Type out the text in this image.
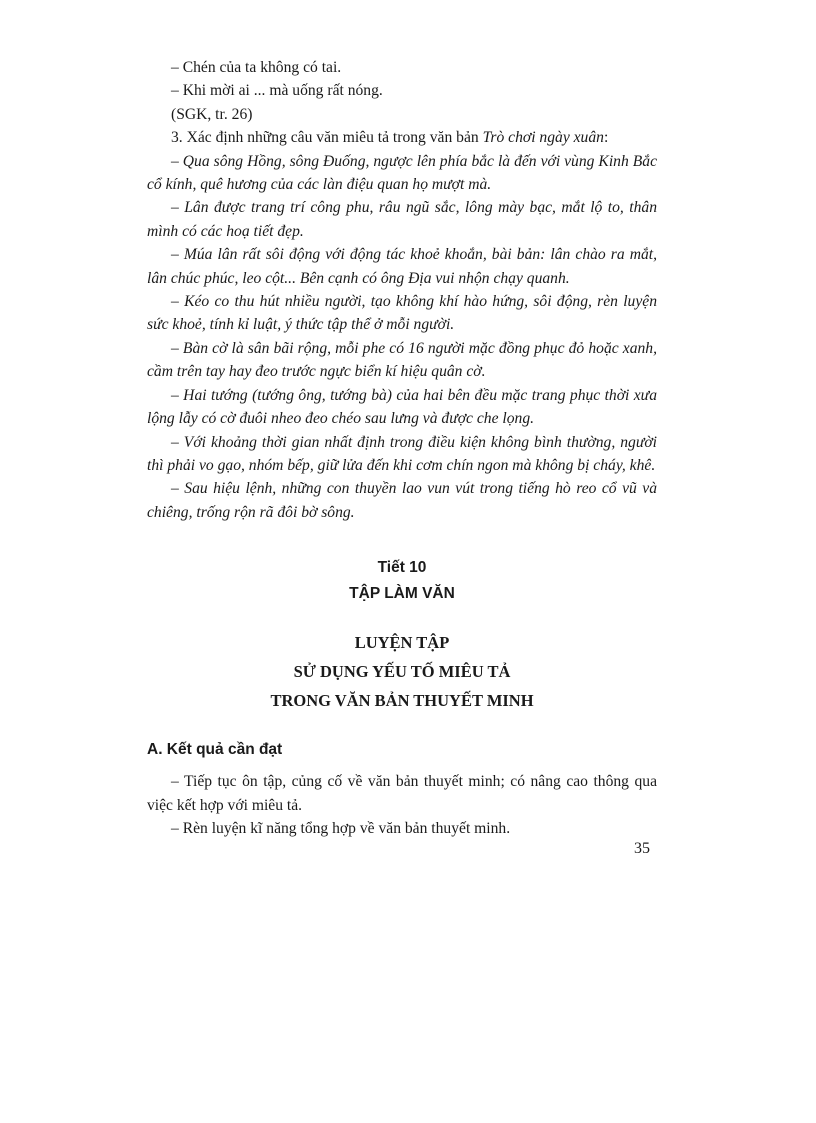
– Chén của ta không có tai.

– Khi mời ai ... mà uống rất nóng.

(SGK, tr. 26)

3. Xác định những câu văn miêu tả trong văn bản Trò chơi ngày xuân:

– Qua sông Hồng, sông Đuống, ngược lên phía bắc là đến với vùng Kinh Bắc cổ kính, quê hương của các làn điệu quan họ mượt mà.

– Lân được trang trí công phu, râu ngũ sắc, lông mày bạc, mắt lộ to, thân mình có các hoạ tiết đẹp.

– Múa lân rất sôi động với động tác khoẻ khoắn, bài bản: lân chào ra mắt, lân chúc phúc, leo cột... Bên cạnh có ông Địa vui nhộn chạy quanh.

– Kéo co thu hút nhiều người, tạo không khí hào hứng, sôi động, rèn luyện sức khoẻ, tính kỉ luật, ý thức tập thể ở mỗi người.

– Bàn cờ là sân bãi rộng, mỗi phe có 16 người mặc đồng phục đỏ hoặc xanh, cầm trên tay hay đeo trước ngực biển kí hiệu quân cờ.

– Hai tướng (tướng ông, tướng bà) của hai bên đều mặc trang phục thời xưa lộng lẫy có cờ đuôi nheo đeo chéo sau lưng và được che lọng.

– Với khoảng thời gian nhất định trong điều kiện không bình thường, người thì phải vo gạo, nhóm bếp, giữ lửa đến khi cơm chín ngon mà không bị cháy, khê.

– Sau hiệu lệnh, những con thuyền lao vun vút trong tiếng hò reo cổ vũ và chiêng, trống rộn rã đôi bờ sông.

Tiết 10
TẬP LÀM VĂN
LUYỆN TẬP
SỬ DỤNG YẾU TỐ MIÊU TẢ
TRONG VĂN BẢN THUYẾT MINH
A. Kết quả cần đạt

– Tiếp tục ôn tập, củng cố về văn bản thuyết minh; có nâng cao thông qua việc kết hợp với miêu tả.

– Rèn luyện kĩ năng tổng hợp về văn bản thuyết minh.

35
